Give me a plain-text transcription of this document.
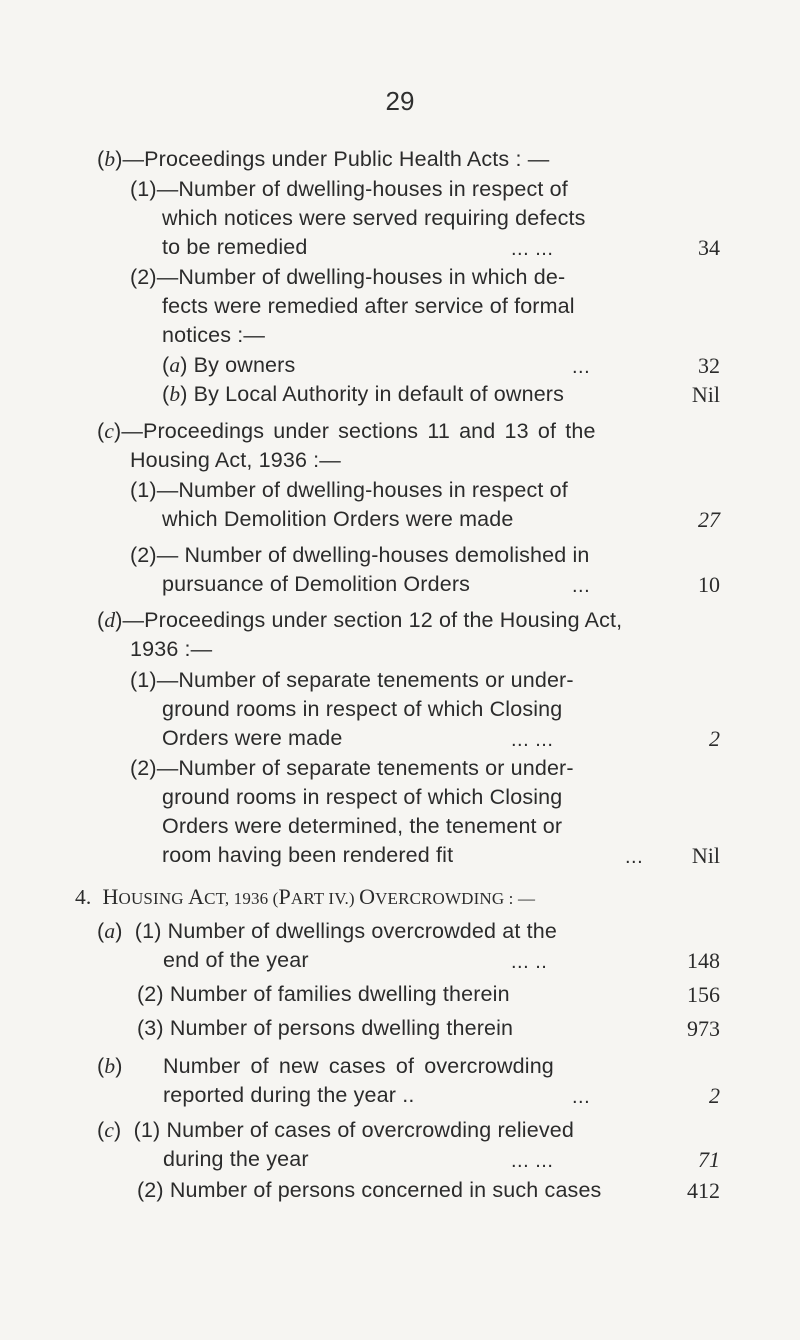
29
(b)—Proceedings under Public Health Acts : —
(1)—Number of dwelling-houses in respect of
which notices were served requiring defects
to be remedied	... ...	34
(2)—Number of dwelling-houses in which de-
fects were remedied after service of formal
notices :—
(a) By owners	...	32
(b) By Local Authority in default of owners	Nil
(c)—Proceedings under sections 11 and 13 of the
Housing Act, 1936 :—
(1)—Number of dwelling-houses in respect of
which Demolition Orders were made	27
(2)— Number of dwelling-houses demolished in
pursuance of Demolition Orders	...	10
(d)—Proceedings under section 12 of the Housing Act,
1936 :—
(1)—Number of separate tenements or under-
ground rooms in respect of which Closing
Orders were made	... ...	2
(2)—Number of separate tenements or under-
ground rooms in respect of which Closing
Orders were determined, the tenement or
room having been rendered fit	...	Nil
4. HOUSING ACT, 1936 (PART IV.) OVERCROWDING : —
(a)  (1) Number of dwellings overcrowded at the
end of the year	... ..	148
(2) Number of families dwelling therein	156
(3) Number of persons dwelling therein	973
(b) Number of new cases of overcrowding
reported during the year ..	...	2
(c)  (1) Number of cases of overcrowding relieved
during the year	... ...	71
(2) Number of persons concerned in such cases	412
